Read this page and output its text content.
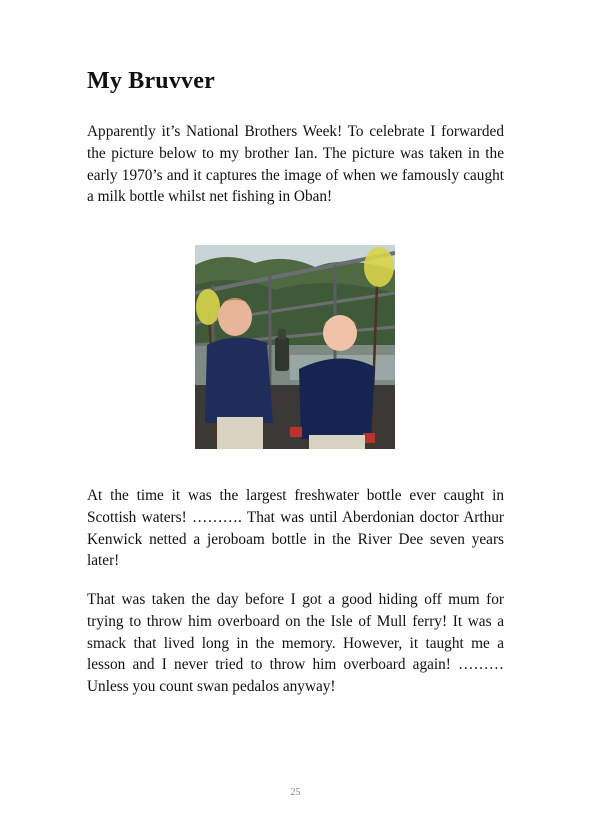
My Bruvver

Apparently it’s National Brothers Week! To celebrate I forwarded the picture below to my brother Ian. The picture was taken in the early 1970’s and it captures the image of when we famously caught a milk bottle whilst net fishing in Oban!

At the time it was the largest freshwater bottle ever caught in Scottish waters! ………. That was until Aberdonian doctor Arthur Kenwick netted a jeroboam bottle in the River Dee seven years later!

That was taken the day before I got a good hiding off mum for trying to throw him overboard on the Isle of Mull ferry! It was a smack that lived long in the memory. However, it taught me a lesson and I never tried to throw him overboard again! ……… Unless you count swan pedalos anyway!

25
